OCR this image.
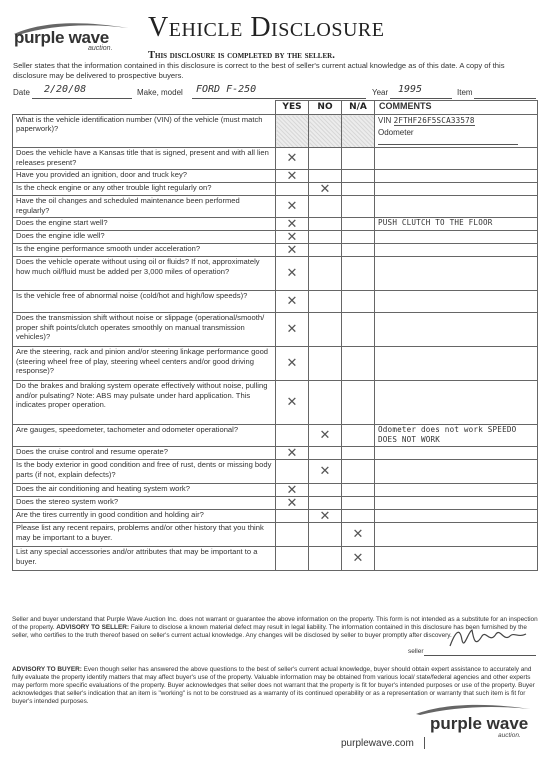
purple wave
auction.
Vehicle Disclosure
This disclosure is completed by the seller.
Seller states that the information contained in this disclosure is correct to the best of seller's current actual knowledge as of this date. A copy of this disclosure may be delivered to prospective buyers.
Date 2/20/08	Make, model FORD F-250	Year 1995	Item
	YES	NO	N/A	COMMENTS
What is the vehicle identification number (VIN) of the vehicle (must match paperwork)?				VIN 2FTHF26F5SCA33578
Odometer

Does the vehicle have a Kansas title that is signed, present and with all lien releases present?	✕			
Have you provided an ignition, door and truck key?	✕			
Is the check engine or any other trouble light regularly on?		✕		
Have the oil changes and scheduled maintenance been performed regularly?	✕			
Does the engine start well?	✕			PUSH CLUTCH TO THE FLOOR
Does the engine idle well?	✕			
Is the engine performance smooth under acceleration?	✕			
Does the vehicle operate without using oil or fluids? If not, approximately how much oil/fluid must be added per 3,000 miles of operation?	✕			
Is the vehicle free of abnormal noise (cold/hot and high/low speeds)?	✕			
Does the transmission shift without noise or slippage (operational/smooth/ proper shift points/clutch operates smoothly on manual transmission vehicles)?	✕			
Are the steering, rack and pinion and/or steering linkage performance good (steering wheel free of play, steering wheel centers and/or good driving response)?	✕			
Do the brakes and braking system operate effectively without noise, pulling and/or pulsating? Note: ABS may pulsate under hard application. This indicates proper operation.	✕			
Are gauges, speedometer, tachometer and odometer operational?		✕		Odometer does not work SPEEDO DOES NOT WORK
Does the cruise control and resume operate?	✕			
Is the body exterior in good condition and free of rust, dents or missing body parts (if not, explain defects)?		✕		
Does the air conditioning and heating system work?	✕			
Does the stereo system work?	✕			
Are the tires currently in good condition and holding air?		✕		
Please list any recent repairs, problems and/or other history that you think may be important to a buyer.			✕	
List any special accessories and/or attributes that may be important to a buyer.			✕	
Seller and buyer understand that Purple Wave Auction Inc. does not warrant or guarantee the above information on the property. This form is not intended as a substitute for an inspection of the property. ADVISORY TO SELLER: Failure to disclose a known material defect may result in legal liability. The information contained in this disclosure has been furnished by the seller, who certifies to the truth thereof based on seller's current actual knowledge. Any changes will be disclosed by seller to buyer promptly after discovery.
seller
ADVISORY TO BUYER: Even though seller has answered the above questions to the best of seller's current actual knowledge, buyer should obtain expert assistance to accurately and fully evaluate the property identify matters that may affect buyer's use of the property. Valuable information may be obtained from various local/ state/federal agencies and other experts may perform more specific evaluations of the property. Buyer acknowledges that seller does not warrant that the property is fit for buyer's intended purposes or use of the property. Buyer acknowledges that seller's indication that an item is "working" is not to be construed as a warranty of its continued operability or as a representation or warranty that such item is fit for buyer's intended purposes.
purplewave.com
purple wave
auction.
